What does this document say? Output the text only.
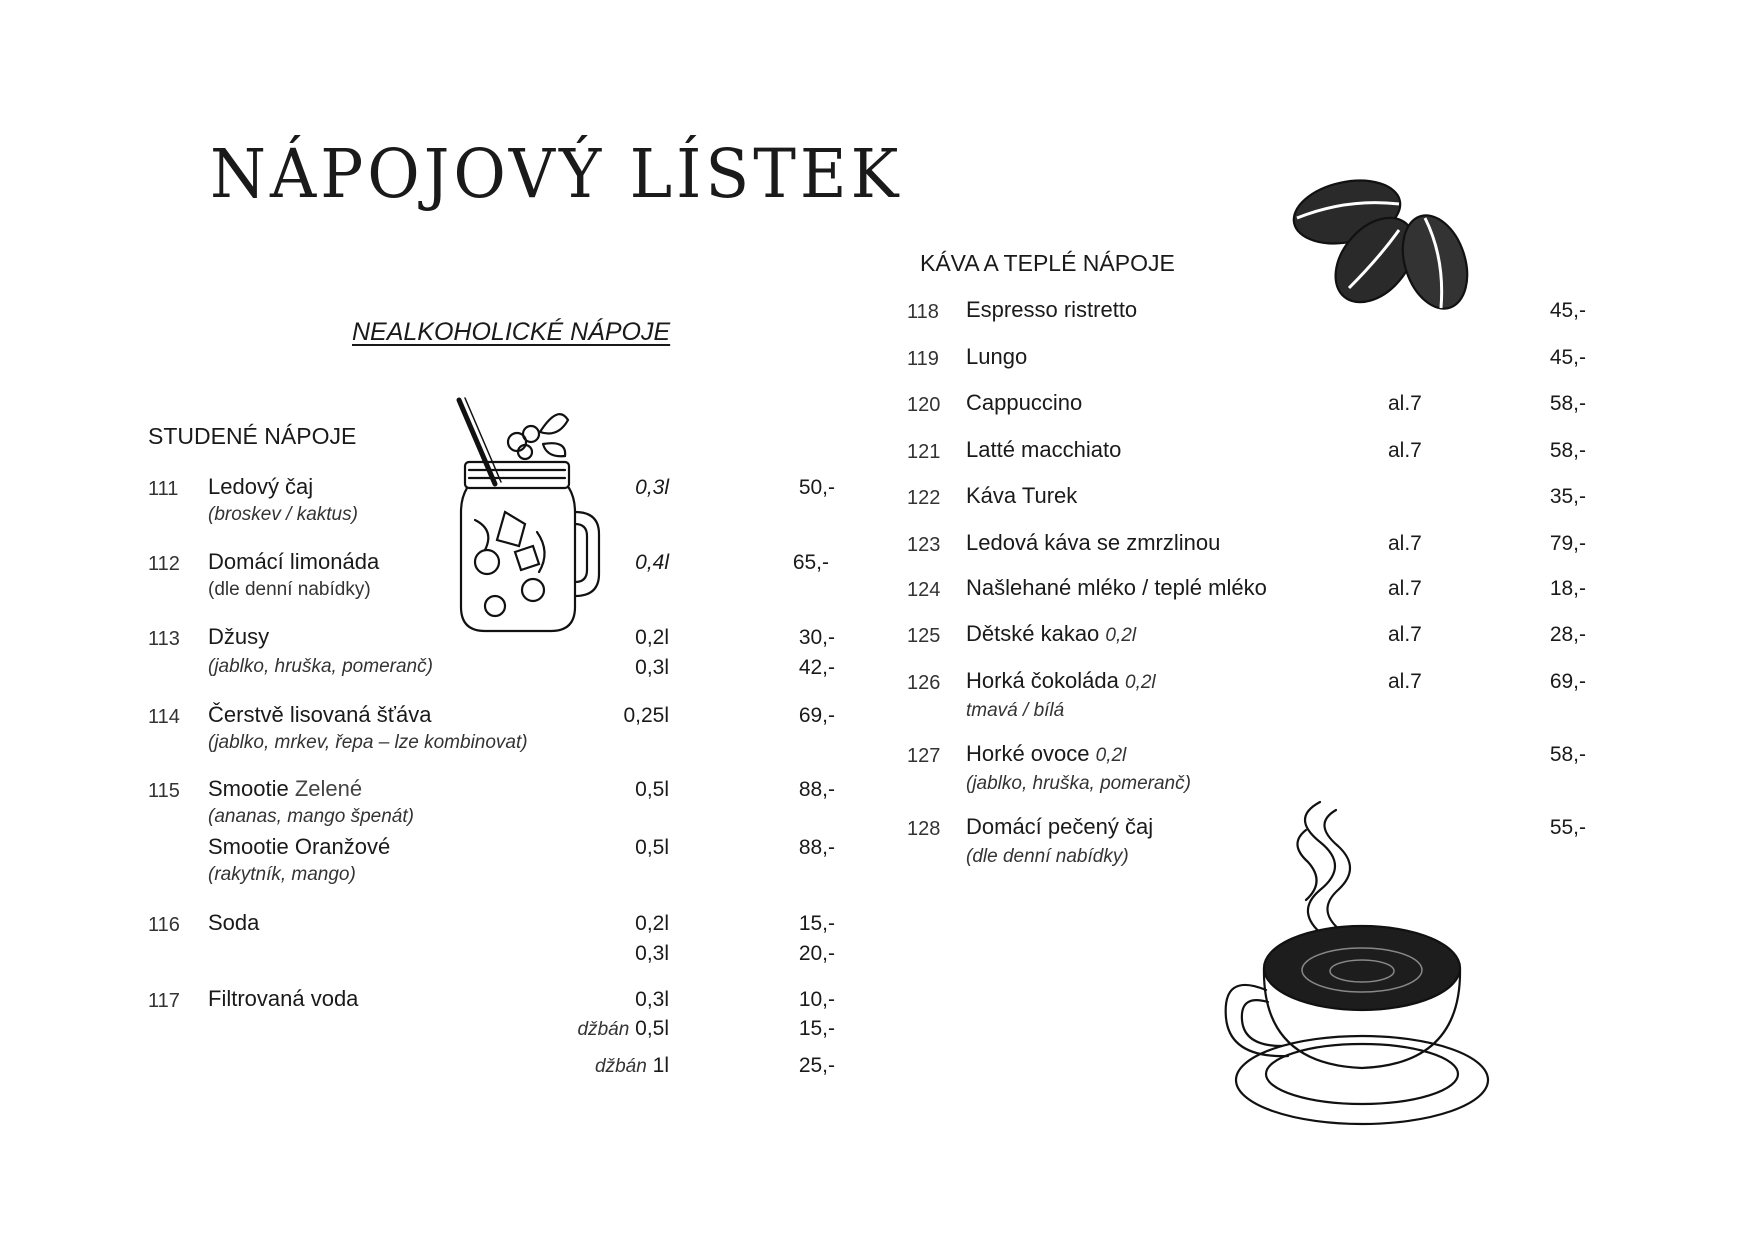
NÁPOJOVÝ LÍSTEK
NEALKOHOLICKÉ NÁPOJE
STUDENÉ NÁPOJE
111 Ledový čaj
(broskev / kaktus)
0,3l	50,-
112 Domácí limonáda
(dle denní nabídky)
0,4l	65,-
113 Džusy
(jablko, hruška, pomeranč)
0,2l	30,-
0,3l	42,-
114 Čerstvě lisovaná šťáva
(jablko, mrkev, řepa – lze kombinovat)
0,25l	69,-
115 Smootie Zelené
(ananas, mango špenát)
0,5l	88,-
Smootie Oranžové
(rakytník, mango)
0,5l	88,-
116 Soda	0,2l	15,-
0,3l	20,-
117 Filtrovaná voda	0,3l	10,-
džbán 0,5l	15,-
džbán 1l	25,-
KÁVA A TEPLÉ NÁPOJE
118 Espresso ristretto	45,-
119 Lungo	45,-
120 Cappuccino	al.7	58,-
121 Latté macchiato	al.7	58,-
122 Káva Turek	35,-
123 Ledová káva se zmrzlinou	al.7	79,-
124 Našlehané mléko / teplé mléko	al.7	18,-
125 Dětské kakao 0,2l	al.7	28,-
126 Horká čokoláda 0,2l
tmavá / bílá
al.7	69,-
127 Horké ovoce 0,2l
(jablko, hruška, pomeranč)
58,-
128 Domácí pečený čaj
(dle denní nabídky)
55,-
